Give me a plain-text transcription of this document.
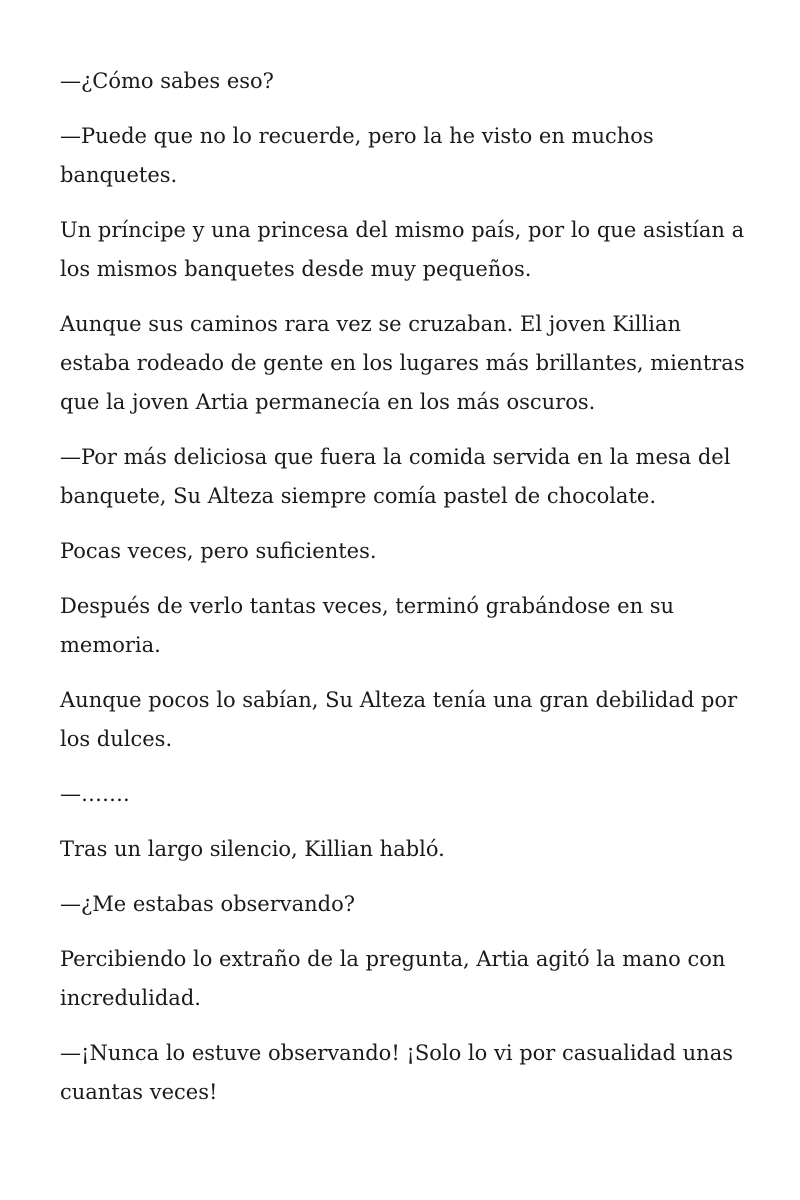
—¿Cómo sabes eso?

—Puede que no lo recuerde, pero la he visto en muchos banquetes.

Un príncipe y una princesa del mismo país, por lo que asistían a los mismos banquetes desde muy pequeños.

Aunque sus caminos rara vez se cruzaban. El joven Killian estaba rodeado de gente en los lugares más brillantes, mientras que la joven Artia permanecía en los más oscuros.

—Por más deliciosa que fuera la comida servida en la mesa del banquete, Su Alteza siempre comía pastel de chocolate.

Pocas veces, pero suficientes.

Después de verlo tantas veces, terminó grabándose en su memoria.

Aunque pocos lo sabían, Su Alteza tenía una gran debilidad por los dulces.

—…….

Tras un largo silencio, Killian habló.

—¿Me estabas observando?

Percibiendo lo extraño de la pregunta, Artia agitó la mano con incredulidad.

—¡Nunca lo estuve observando! ¡Solo lo vi por casualidad unas cuantas veces!
